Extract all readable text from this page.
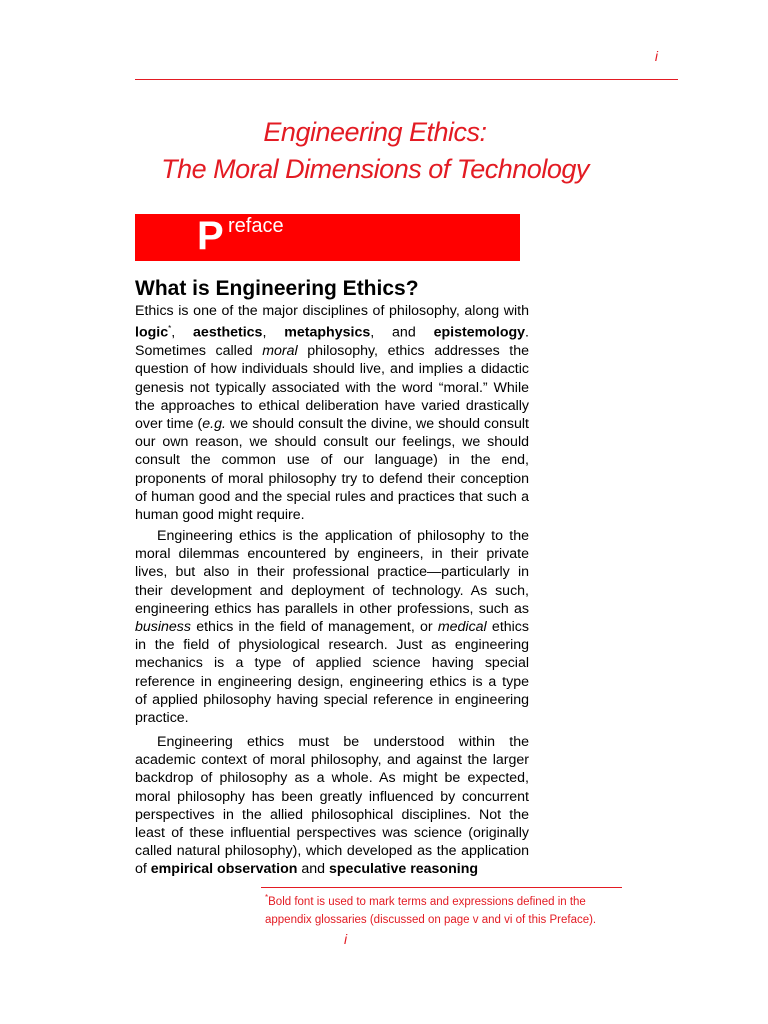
i
Engineering Ethics:
The Moral Dimensions of Technology
P reface
What is Engineering Ethics?

Ethics is one of the major disciplines of philosophy, along with logic*, aesthetics, metaphysics, and epistemology. Sometimes called moral philosophy, ethics addresses the question of how individuals should live, and implies a didactic genesis not typically associated with the word “moral.” While the approaches to ethical deliberation have varied drastically over time (e.g. we should consult the divine, we should consult our own reason, we should consult our feelings, we should consult the common use of our language) in the end, proponents of moral philosophy try to defend their conception of human good and the special rules and practices that such a human good might require.

Engineering ethics is the application of philosophy to the moral dilemmas encountered by engineers, in their private lives, but also in their professional practice—particularly in their development and deployment of technology. As such, engineering ethics has parallels in other professions, such as business ethics in the field of management, or medical ethics in the field of physiological research. Just as engineering mechanics is a type of applied science having special reference in engineering design, engineering ethics is a type of applied philosophy having special reference in engineering practice.

Engineering ethics must be understood within the academic context of moral philosophy, and against the larger backdrop of philosophy as a whole. As might be expected, moral philosophy has been greatly influenced by concurrent perspectives in the allied philosophical disciplines. Not the least of these influential perspectives was science (originally called natural philosophy), which developed as the application of empirical observation and speculative reasoning

*Bold font is used to mark terms and expressions defined in the appendix glossaries (discussed on page v and vi of this Preface).
i
